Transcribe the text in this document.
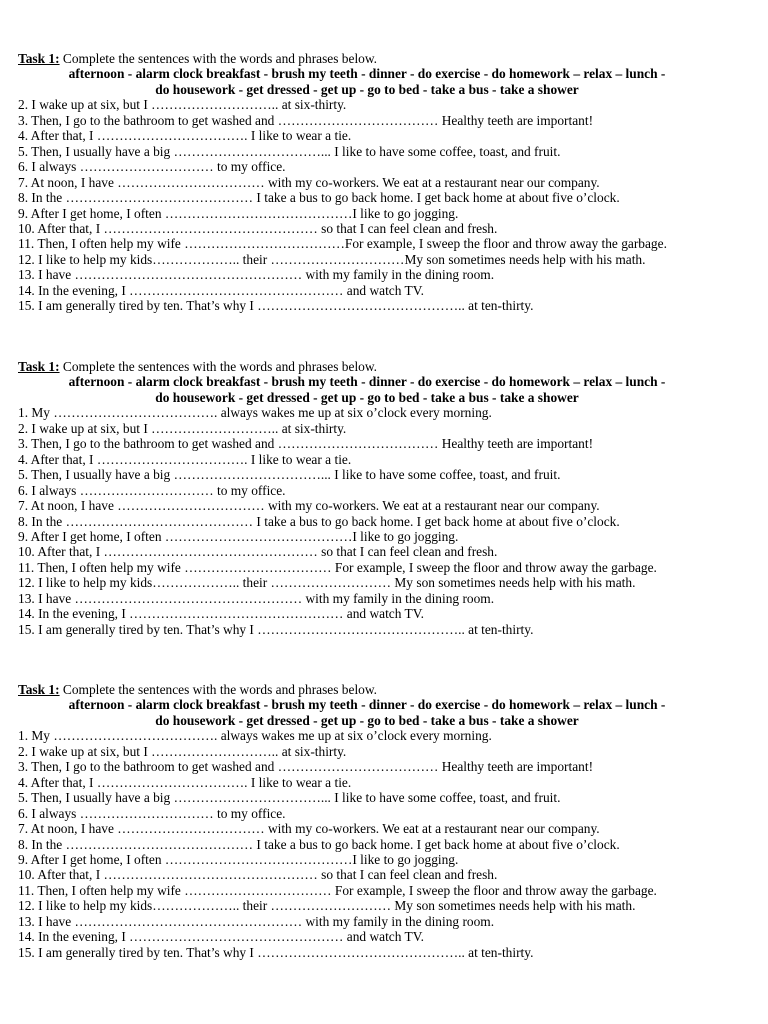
Task 1: Complete the sentences with the words and phrases below.

afternoon - alarm clock breakfast - brush my teeth - dinner - do exercise - do homework – relax – lunch -

do housework - get dressed - get up - go to bed - take a bus - take a shower

2. I wake up at six, but I ……………………….. at six-thirty.

3. Then, I go to the bathroom to get washed and ……………………………… Healthy teeth are important!

4. After that, I ……………………………. I like to wear a tie.

5. Then, I usually have a big ……………………………... I like to have some coffee, toast, and fruit.

6. I always ………………………… to my office.

7. At noon, I have …………………………… with my co-workers. We eat at a restaurant near our company.

8. In the …………………………………… I take a bus to go back home. I get back home at about five o’clock.

9. After I get home, I often ……………………………………I like to go jogging.

10. After that, I ………………………………………… so that I can feel clean and fresh.

11. Then, I often help my wife ………………………………For example, I sweep the floor and throw away the garbage.

12. I like to help my kids……………….. their …………………………My son sometimes needs help with his math.

13. I have …………………………………………… with my family in the dining room.

14. In the evening, I ………………………………………… and watch TV.

15. I am generally tired by ten. That’s why I ……………………………………….. at ten-thirty.

Task 1: Complete the sentences with the words and phrases below.

afternoon - alarm clock breakfast - brush my teeth - dinner - do exercise - do homework – relax – lunch -

do housework - get dressed - get up - go to bed - take a bus - take a shower

1. My ………………………………. always wakes me up at six o’clock every morning.

2. I wake up at six, but I ……………………….. at six-thirty.

3. Then, I go to the bathroom to get washed and ……………………………… Healthy teeth are important!

4. After that, I ……………………………. I like to wear a tie.

5. Then, I usually have a big ……………………………... I like to have some coffee, toast, and fruit.

6. I always ………………………… to my office.

7. At noon, I have …………………………… with my co-workers. We eat at a restaurant near our company.

8. In the …………………………………… I take a bus to go back home. I get back home at about five o’clock.

9. After I get home, I often ……………………………………I like to go jogging.

10. After that, I ………………………………………… so that I can feel clean and fresh.

11. Then, I often help my wife …………………………… For example, I sweep the floor and throw away the garbage.

12. I like to help my kids……………….. their ……………………… My son sometimes needs help with his math.

13. I have …………………………………………… with my family in the dining room.

14. In the evening, I ………………………………………… and watch TV.

15. I am generally tired by ten. That’s why I ……………………………………….. at ten-thirty.

Task 1: Complete the sentences with the words and phrases below.

afternoon - alarm clock breakfast - brush my teeth - dinner - do exercise - do homework – relax – lunch -

do housework - get dressed - get up - go to bed - take a bus - take a shower

1. My ………………………………. always wakes me up at six o’clock every morning.

2. I wake up at six, but I ……………………….. at six-thirty.

3. Then, I go to the bathroom to get washed and ……………………………… Healthy teeth are important!

4. After that, I ……………………………. I like to wear a tie.

5. Then, I usually have a big ……………………………... I like to have some coffee, toast, and fruit.

6. I always ………………………… to my office.

7. At noon, I have …………………………… with my co-workers. We eat at a restaurant near our company.

8. In the …………………………………… I take a bus to go back home. I get back home at about five o’clock.

9. After I get home, I often ……………………………………I like to go jogging.

10. After that, I ………………………………………… so that I can feel clean and fresh.

11. Then, I often help my wife …………………………… For example, I sweep the floor and throw away the garbage.

12. I like to help my kids……………….. their ……………………… My son sometimes needs help with his math.

13. I have …………………………………………… with my family in the dining room.

14. In the evening, I ………………………………………… and watch TV.

15. I am generally tired by ten. That’s why I ……………………………………….. at ten-thirty.
